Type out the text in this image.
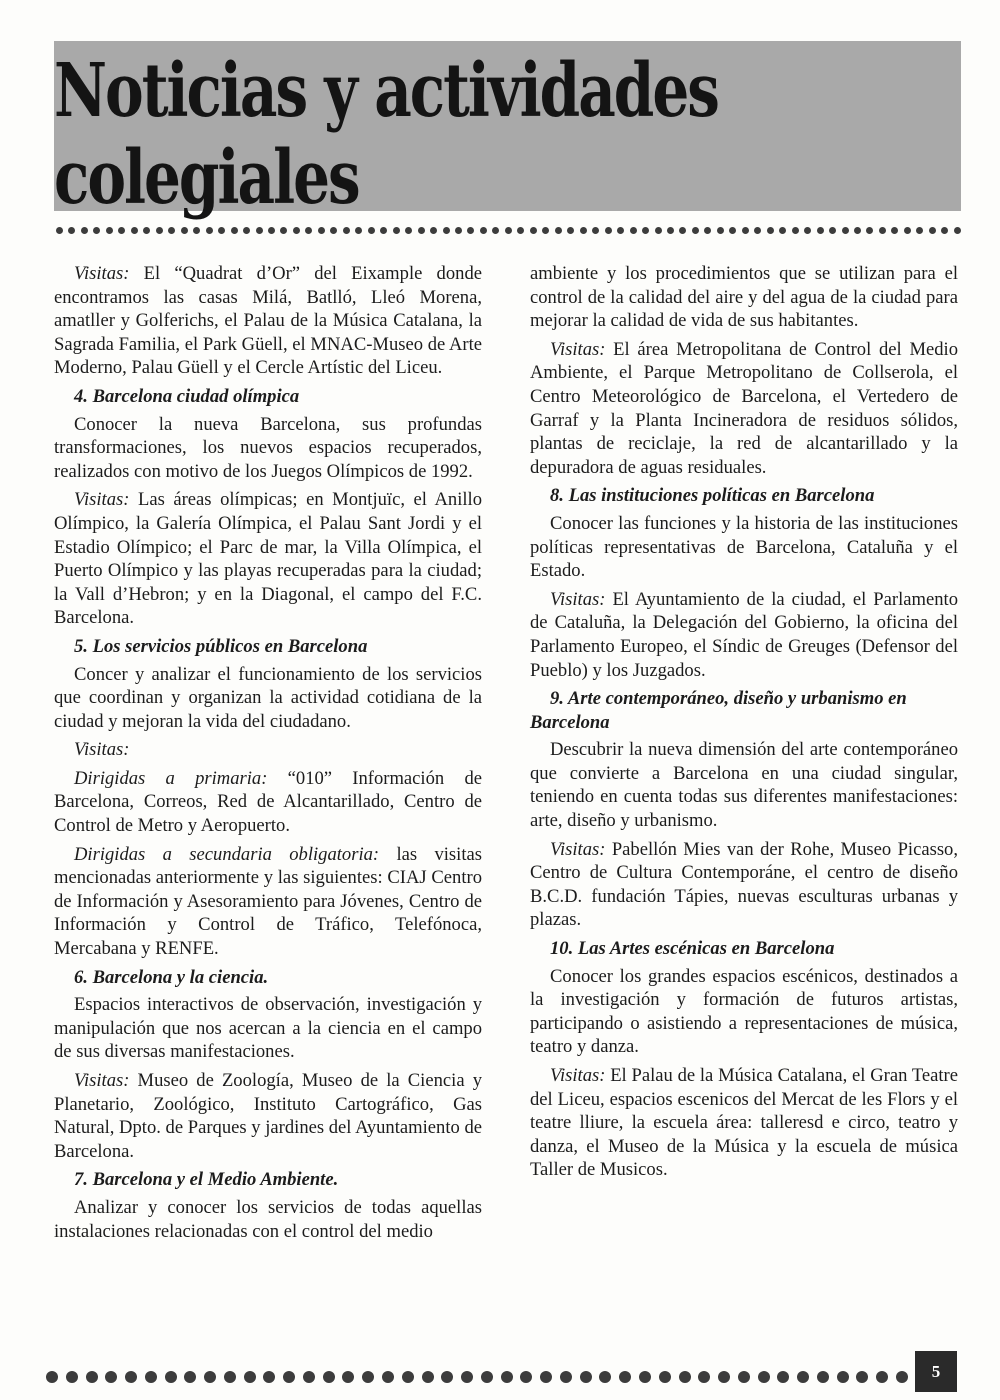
Noticias y actividades colegiales

Visitas: El “Quadrat d’Or” del Eixample donde encontramos las casas Milá, Batlló, Lleó Morena, amatller y Golferichs, el Palau de la Música Catalana, la Sagrada Familia, el Park Güell, el MNAC-Museo de Arte Moderno, Palau Güell y el Cercle Artístic del Liceu.

4. Barcelona ciudad olímpica

Conocer la nueva Barcelona, sus profundas transformaciones, los nuevos espacios recuperados, realizados con motivo de los Juegos Olímpicos de 1992.

Visitas: Las áreas olímpicas; en Montjuïc, el Anillo Olímpico, la Galería Olímpica, el Palau Sant Jordi y el Estadio Olímpico; el Parc de mar, la Villa Olímpica, el Puerto Olímpico y las playas recuperadas para la ciudad; la Vall d’Hebron; y en la Diagonal, el campo del F.C. Barcelona.

5. Los servicios públicos en Barcelona

Concer y analizar el funcionamiento de los servicios que coordinan y organizan la actividad cotidiana de la ciudad y mejoran la vida del ciudadano.

Visitas:

Dirigidas a primaria: “010” Información de Barcelona, Correos, Red de Alcantarillado, Centro de Control de Metro y Aeropuerto.

Dirigidas a secundaria obligatoria: las visitas mencionadas anteriormente y las siguientes: CIAJ Centro de Información y Asesoramiento para Jóvenes, Centro de Información y Control de Tráfico, Telefónoca, Mercabana y RENFE.

6. Barcelona y la ciencia.

Espacios interactivos de observación, investigación y manipulación que nos acercan a la ciencia en el campo de sus diversas manifestaciones.

Visitas: Museo de Zoología, Museo de la Ciencia y Planetario, Zoológico, Instituto Cartográfico, Gas Natural, Dpto. de Parques y jardines del Ayuntamiento de Barcelona.

7. Barcelona y el Medio Ambiente.

Analizar y conocer los servicios de todas aquellas instalaciones relacionadas con el control del medio

ambiente y los procedimientos que se utilizan para el control de la calidad del aire y del agua de la ciudad para mejorar la calidad de vida de sus habitantes.

Visitas: El área Metropolitana de Control del Medio Ambiente, el Parque Metropolitano de Collserola, el Centro Meteorológico de Barcelona, el Vertedero de Garraf y la Planta Incineradora de residuos sólidos, plantas de reciclaje, la red de alcantarillado y la depuradora de aguas residuales.

8. Las instituciones políticas en Barcelona

Conocer las funciones y la historia de las instituciones políticas representativas de Barcelona, Cataluña y el Estado.

Visitas: El Ayuntamiento de la ciudad, el Parlamento de Cataluña, la Delegación del Gobierno, la oficina del Parlamento Europeo, el Síndic de Greuges (Defensor del Pueblo) y los Juzgados.

9. Arte contemporáneo, diseño y urbanismo en Barcelona

Descubrir la nueva dimensión del arte contemporáneo que convierte a Barcelona en una ciudad singular, teniendo en cuenta todas sus diferentes manifestaciones: arte, diseño y urbanismo.

Visitas: Pabellón Mies van der Rohe, Museo Picasso, Centro de Cultura Contemporáne, el centro de diseño B.C.D. fundación Tápies, nuevas esculturas urbanas y plazas.

10. Las Artes escénicas en Barcelona

Conocer los grandes espacios escénicos, destinados a la investigación y formación de futuros artistas, participando o asistiendo a representaciones de música, teatro y danza.

Visitas: El Palau de la Música Catalana, el Gran Teatre del Liceu, espacios escenicos del Mercat de les Flors y el teatre lliure, la escuela área: talleresd e circo, teatro y danza, el Museo de la Música y la escuela de música Taller de Musicos.

5
